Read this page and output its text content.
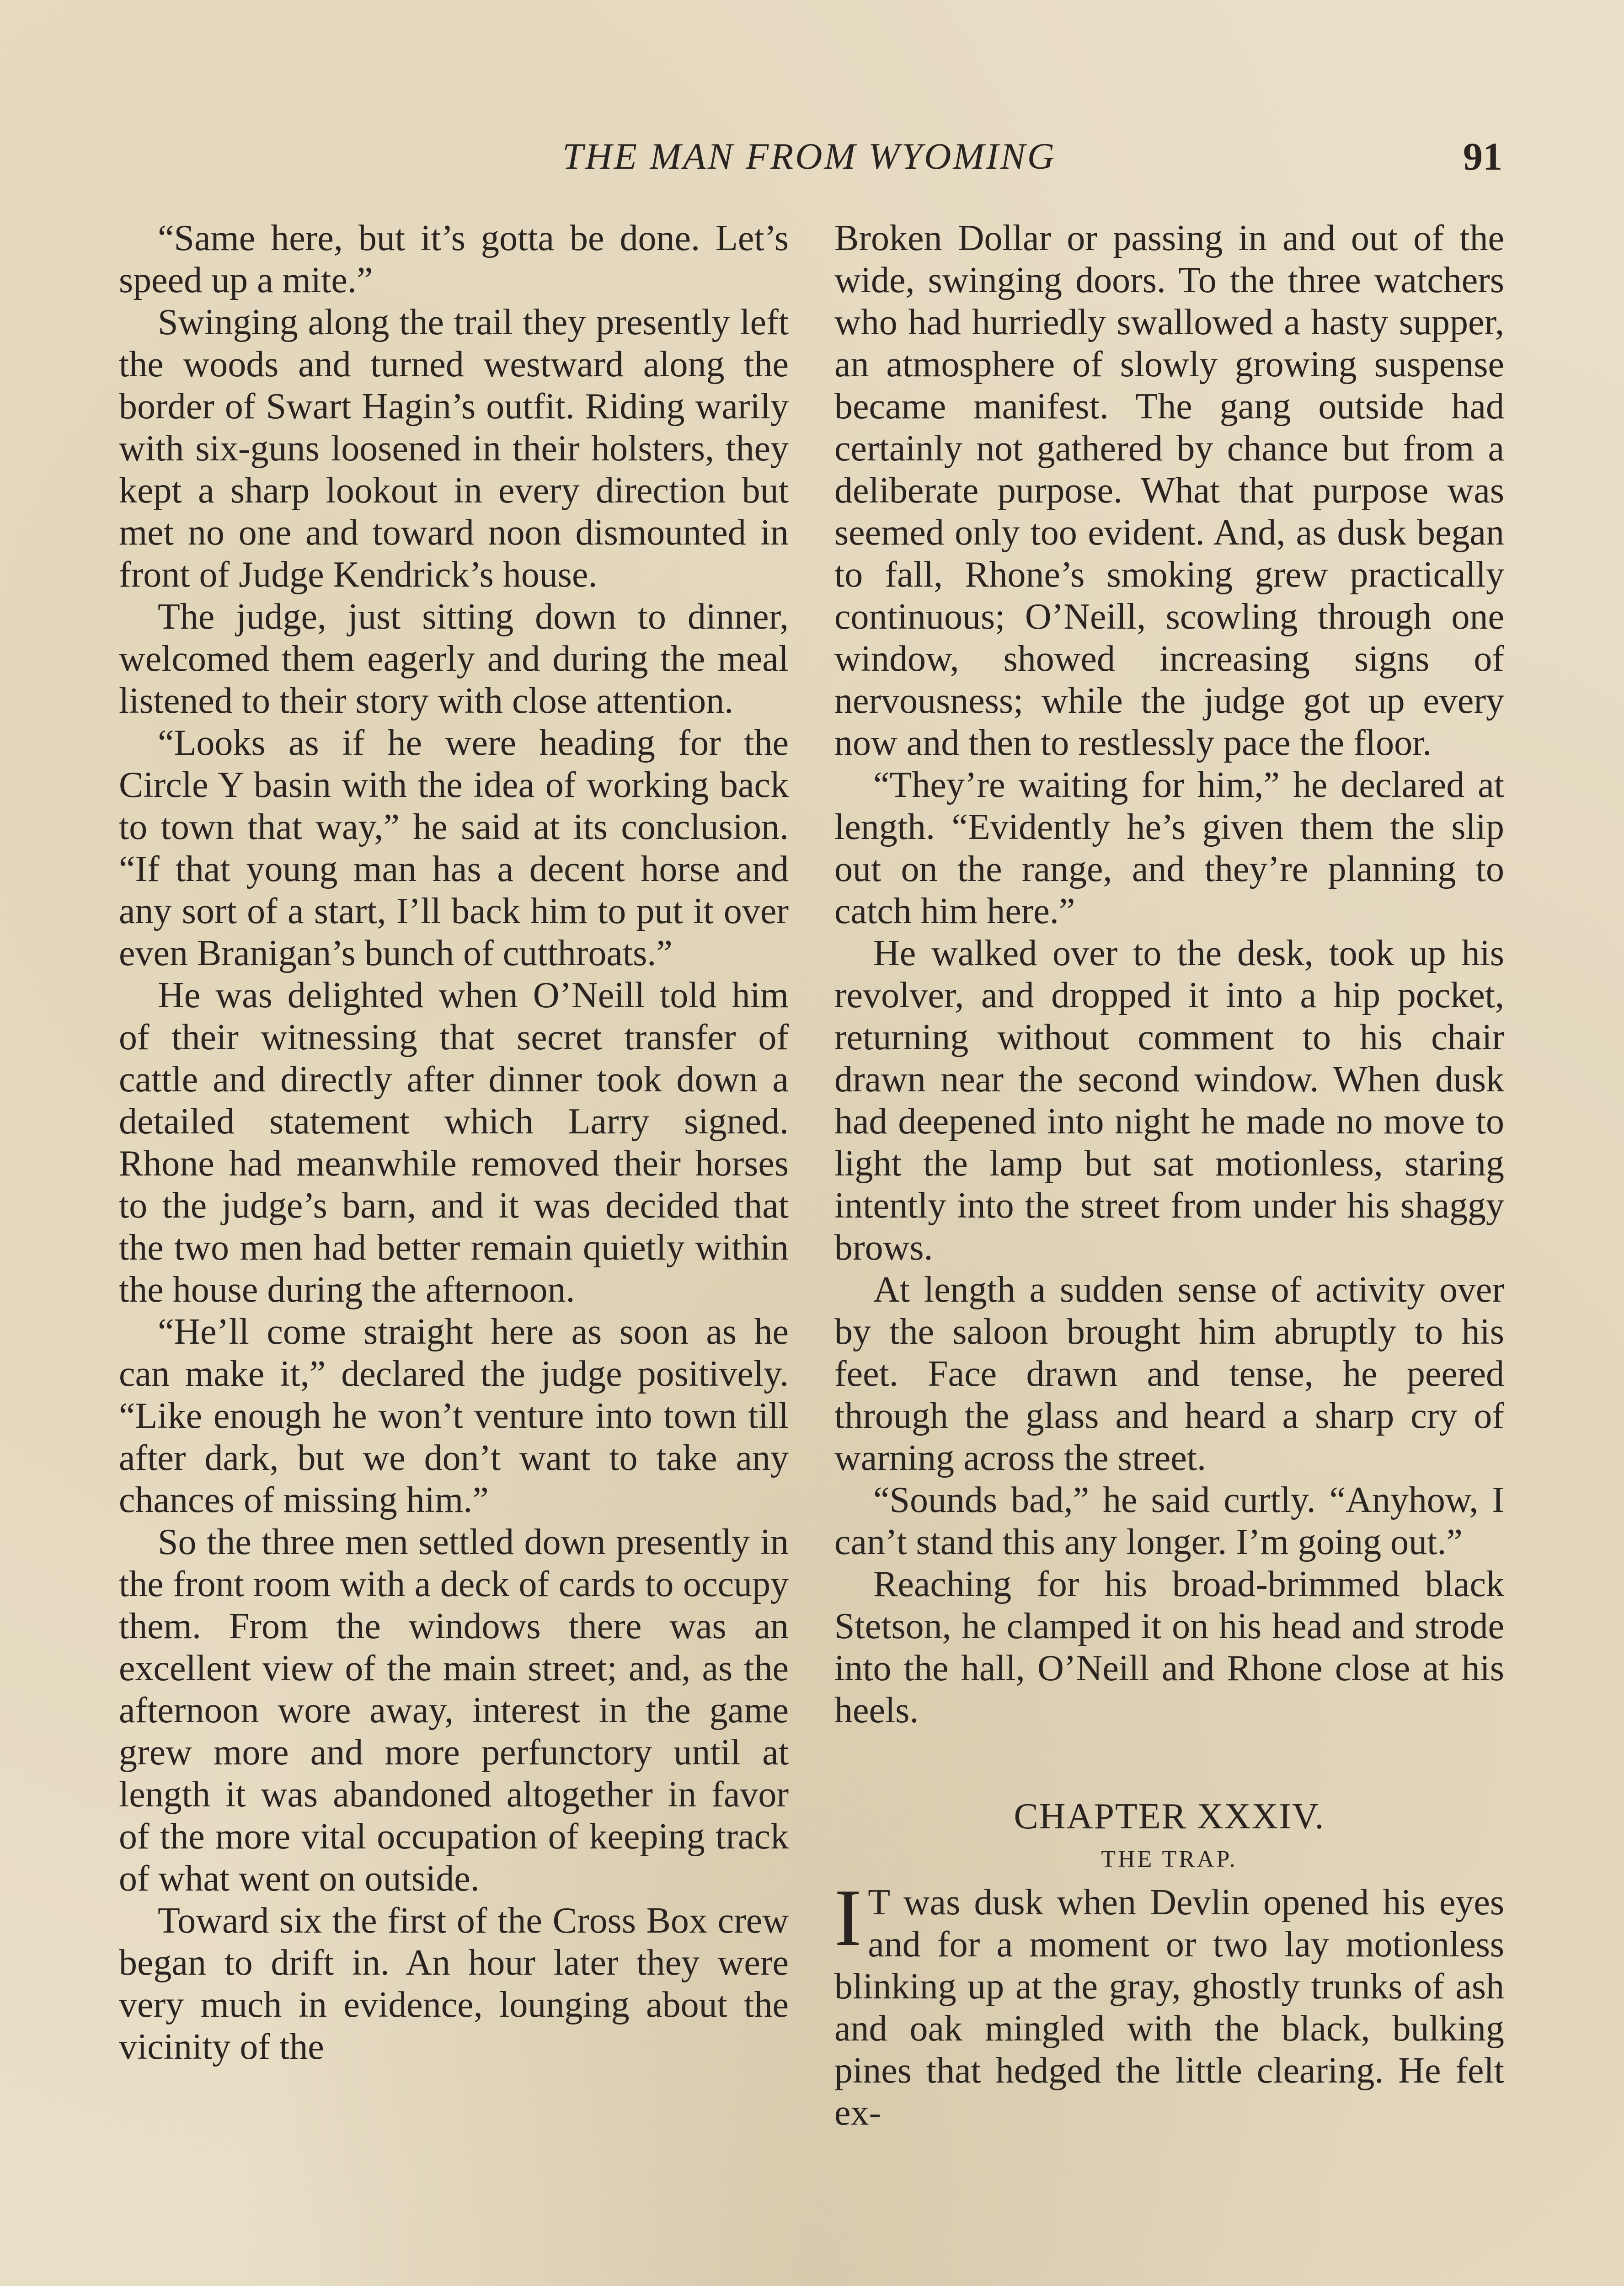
THE MAN FROM WYOMING	91

“Same here, but it’s gotta be done. Let’s speed up a mite.”

Swinging along the trail they presently left the woods and turned westward along the border of Swart Hagin’s outfit. Riding warily with six-guns loosened in their holsters, they kept a sharp lookout in every direction but met no one and toward noon dismounted in front of Judge Kendrick’s house.

The judge, just sitting down to dinner, welcomed them eagerly and during the meal listened to their story with close attention.

“Looks as if he were heading for the Circle Y basin with the idea of working back to town that way,” he said at its conclusion. “If that young man has a decent horse and any sort of a start, I’ll back him to put it over even Branigan’s bunch of cutthroats.”

He was delighted when O’Neill told him of their witnessing that secret transfer of cattle and directly after dinner took down a detailed statement which Larry signed. Rhone had meanwhile removed their horses to the judge’s barn, and it was decided that the two men had better remain quietly within the house during the afternoon.

“He’ll come straight here as soon as he can make it,” declared the judge positively. “Like enough he won’t venture into town till after dark, but we don’t want to take any chances of missing him.”

So the three men settled down presently in the front room with a deck of cards to occupy them. From the windows there was an excellent view of the main street; and, as the afternoon wore away, interest in the game grew more and more perfunctory until at length it was abandoned altogether in favor of the more vital occupation of keeping track of what went on outside.

Toward six the first of the Cross Box crew began to drift in. An hour later they were very much in evidence, lounging about the vicinity of the

Broken Dollar or passing in and out of the wide, swinging doors. To the three watchers who had hurriedly swallowed a hasty supper, an atmosphere of slowly growing suspense became manifest. The gang outside had certainly not gathered by chance but from a deliberate purpose. What that purpose was seemed only too evident. And, as dusk began to fall, Rhone’s smoking grew practically continuous; O’Neill, scowling through one window, showed increasing signs of nervousness; while the judge got up every now and then to restlessly pace the floor.

“They’re waiting for him,” he declared at length. “Evidently he’s given them the slip out on the range, and they’re planning to catch him here.”

He walked over to the desk, took up his revolver, and dropped it into a hip pocket, returning without comment to his chair drawn near the second window. When dusk had deepened into night he made no move to light the lamp but sat motionless, staring intently into the street from under his shaggy brows.

At length a sudden sense of activity over by the saloon brought him abruptly to his feet. Face drawn and tense, he peered through the glass and heard a sharp cry of warning across the street.

“Sounds bad,” he said curtly. “Anyhow, I can’t stand this any longer. I’m going out.”

Reaching for his broad-brimmed black Stetson, he clamped it on his head and strode into the hall, O’Neill and Rhone close at his heels.

CHAPTER XXXIV.
THE TRAP.

I T was dusk when Devlin opened his eyes and for a moment or two lay motionless blinking up at the gray, ghostly trunks of ash and oak mingled with the black, bulking pines that hedged the little clearing. He felt ex-
